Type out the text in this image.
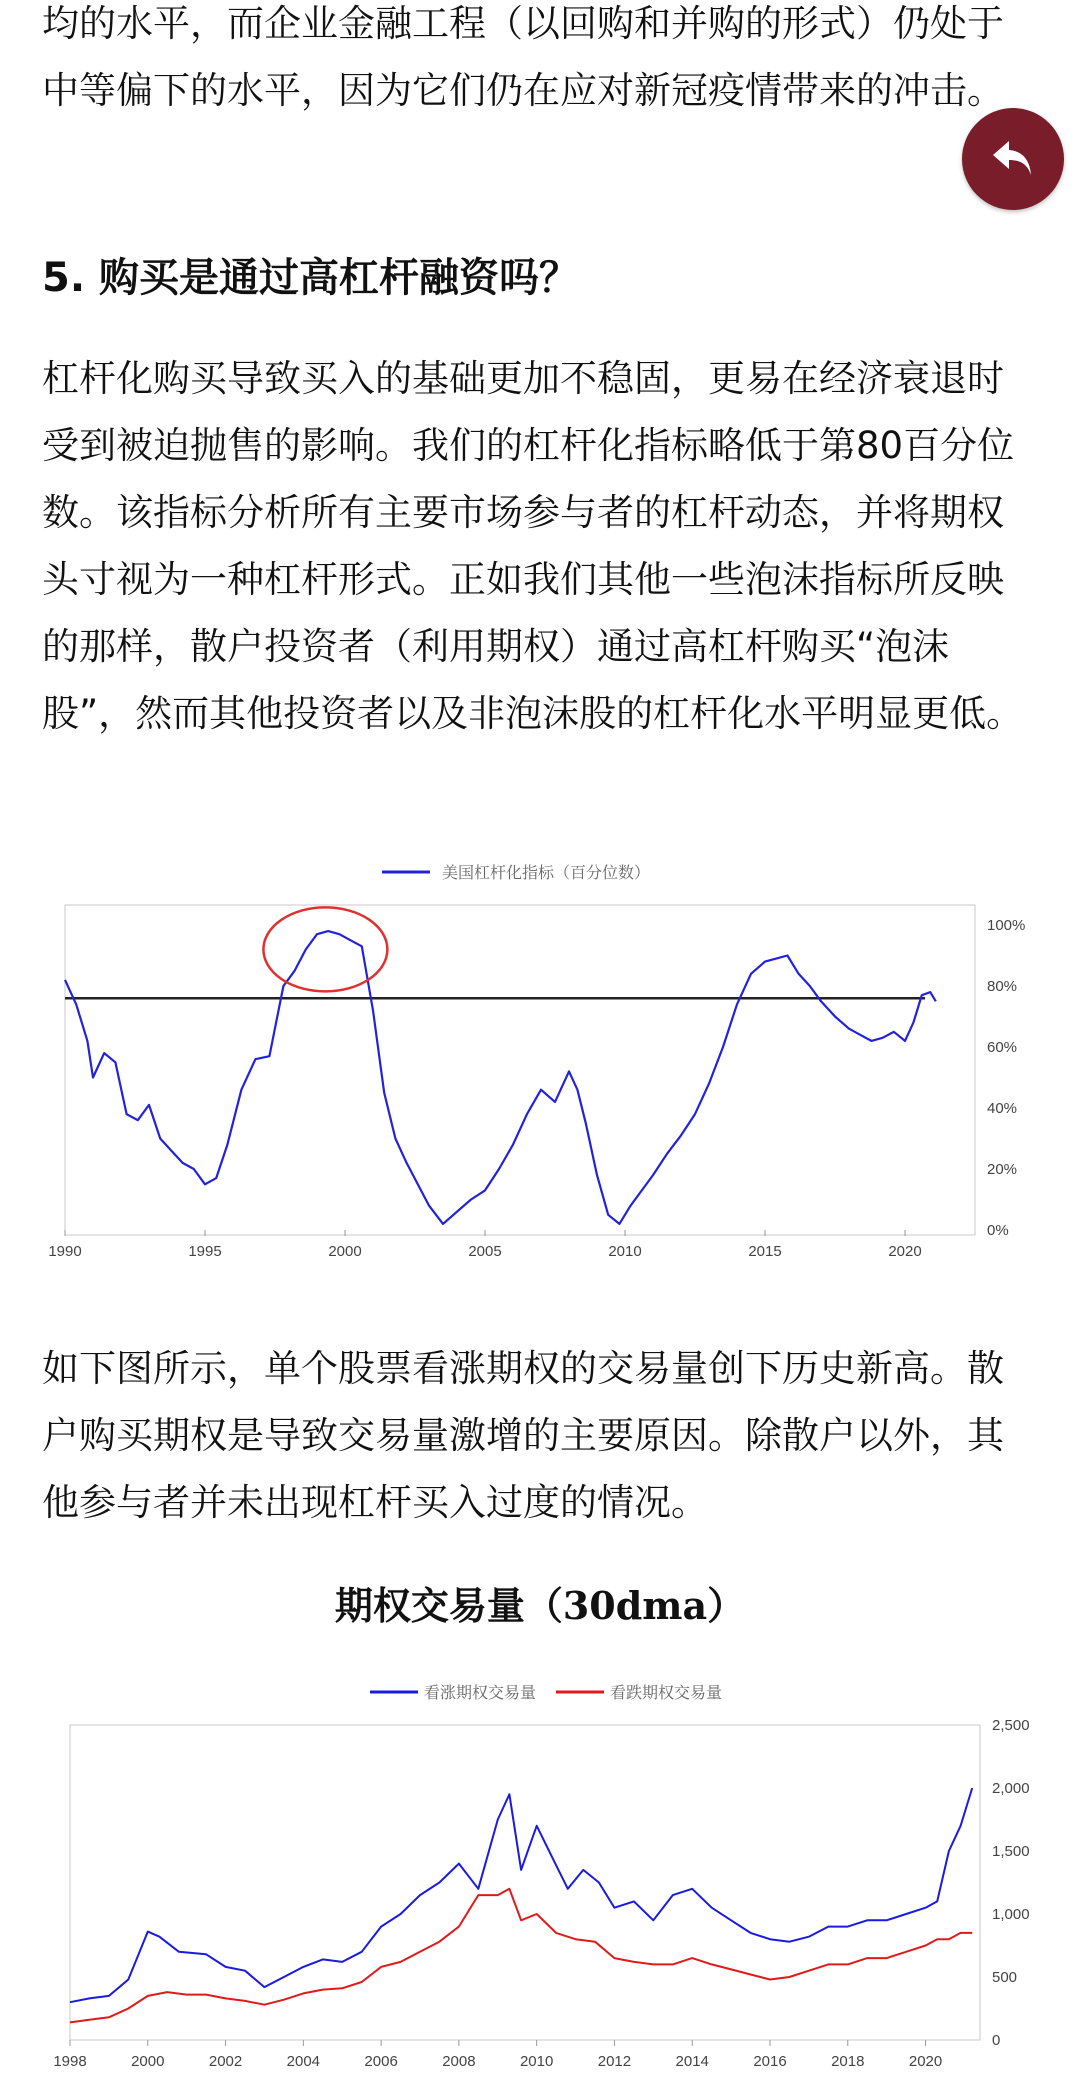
均的水平，而企业金融工程（以回购和并购的形式）仍处于中等偏下的水平，因为它们仍在应对新冠疫情带来的冲击。

5. 购买是通过高杠杆融资吗？

杠杆化购买导致买入的基础更加不稳固，更易在经济衰退时受到被迫抛售的影响。我们的杠杆化指标略低于第80百分位数。该指标分析所有主要市场参与者的杠杆动态，并将期权头寸视为一种杠杆形式。正如我们其他一些泡沫指标所反映的那样，散户投资者（利用期权）通过高杠杆购买“泡沫股”，然而其他投资者以及非泡沫股的杠杆化水平明显更低。

美国杠杆化指标（百分位数）
1990	1995	2000	2005	2010	2015	2020
0%
20%
40%
60%
80%
100%

如下图所示，单个股票看涨期权的交易量创下历史新高。散户购买期权是导致交易量激增的主要原因。除散户以外，其他参与者并未出现杠杆买入过度的情况。

期权交易量（30dma）
看涨期权交易量	看跌期权交易量
1998	2000	2002	2004	2006	2008	2010	2012	2014	2016	2018	2020
0
500
1,000
1,500
2,000
2,500
